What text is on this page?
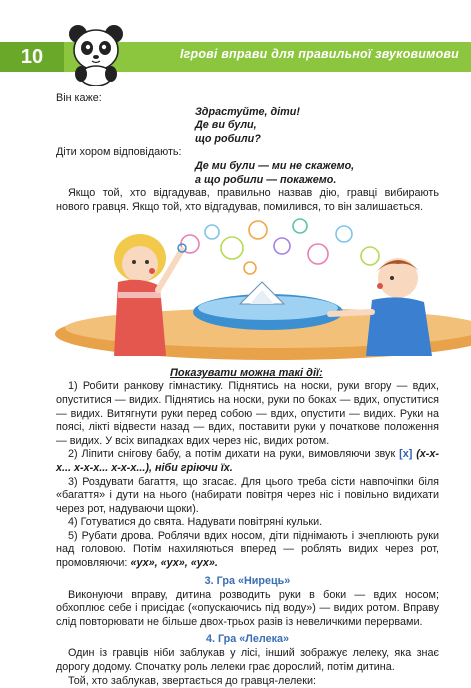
10	Ігрові вправи для правильної звуковимови

Він каже:

Здрастуйте, діти!

Де ви були,

що робили?

Діти хором відповідають:

Де ми були — ми не скажемо,

а що робили — покажемо.

Якщо той, хто відгадував, правильно назвав дію, гравці вибирають нового гравця. Якщо той, хто відгадував, помилився, то він залишається.

Показувати можна такі дії:

1) Робити ранкову гімнастику. Піднятись на носки, руки вгору — вдих, опуститися — видих. Піднятись на носки, руки по боках — вдих, опуститися — видих. Витягнути руки перед собою — вдих, опустити — видих. Руки на поясі, лікті відвести назад — вдих, поставити руки у початкове положення — видих. У всіх випадках вдих через ніс, видих ротом.

2) Ліпити снігову бабу, а потім дихати на руки, вимовляючи звук [х] (х-х-х... х-х-х... х-х-х...), ніби гріючи їх.

3) Роздувати багаття, що згасає. Для цього треба сісти навпочіпки біля «багаття» і дути на нього (набирати повітря через ніс і повільно видихати через рот, надуваючи щоки).

4) Готуватися до свята. Надувати повітряні кульки.

5) Рубати дрова. Роблячи вдих носом, діти піднімають і зчеплюють руки над головою. Потім нахиляються вперед — роблять видих через рот, промовляючи: «ух», «ух», «ух».

3. Гра «Нирець»

Виконуючи вправу, дитина розводить руки в боки — вдих носом; обхоплює себе і присідає («опускаючись під воду») — видих ротом. Вправу слід повторювати не більше двох-трьох разів із невеличкими перервами.

4. Гра «Лелека»

Один із гравців ніби заблукав у лісі, інший зображує лелеку, яка знає дорогу додому. Спочатку роль лелеки грає дорослий, потім дитина.

Той, хто заблукав, звертається до гравця-лелеки:
